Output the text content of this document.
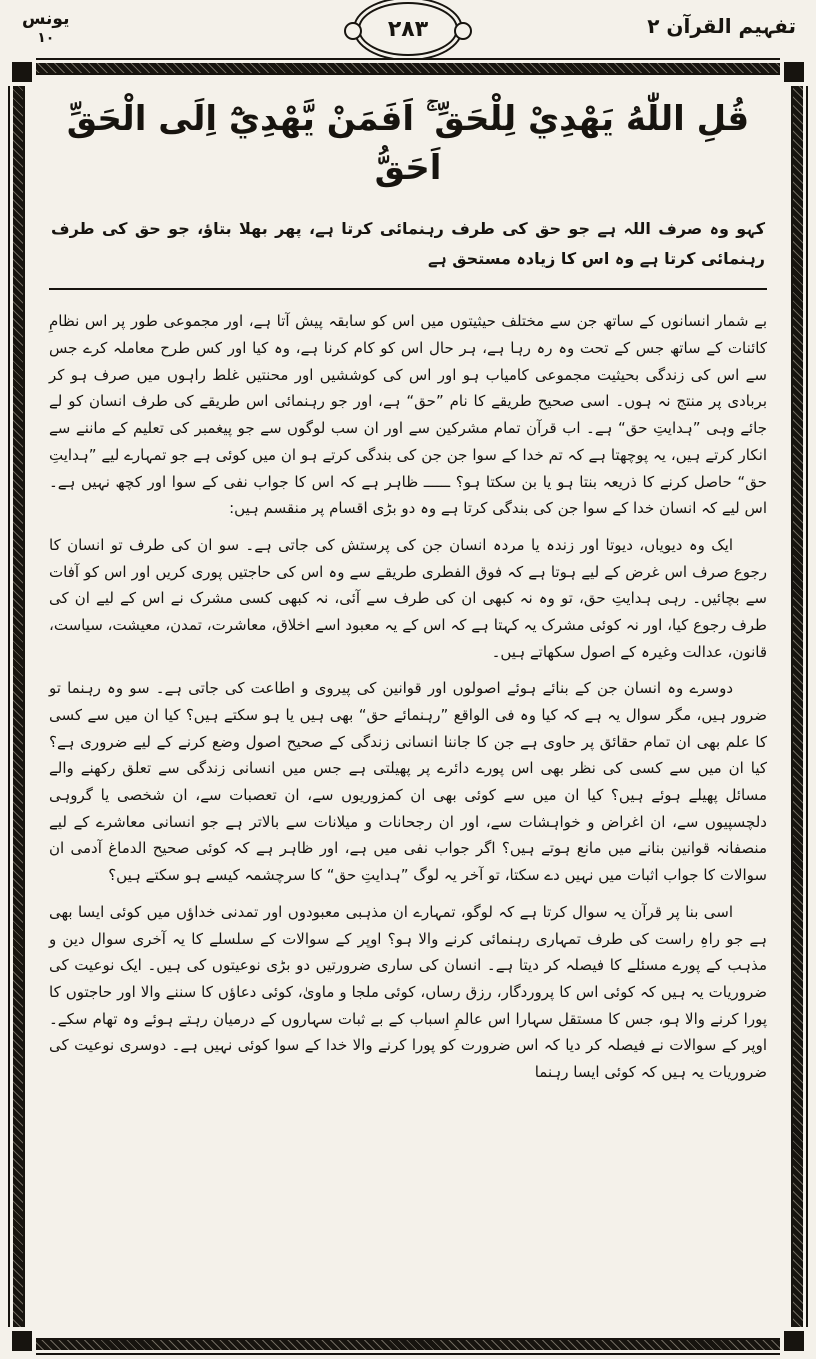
تفہیم القرآن ۲
۲۸۳
یونس
۱۰
قُلِ اللّٰهُ يَهْدِيْ لِلْحَقِّ ۚ اَفَمَنْ يَّهْدِيْٓ اِلَى الْحَقِّ اَحَقُّ
کہو وہ صرف اللہ ہے جو حق کی طرف رہنمائی کرتا ہے، پھر بھلا بتاؤ، جو حق کی طرف رہنمائی کرتا ہے وہ اس کا زیادہ مستحق ہے

بے شمار انسانوں کے ساتھ جن سے مختلف حیثیتوں میں اس کو سابقہ پیش آتا ہے، اور مجموعی طور پر اس نظامِ کائنات کے ساتھ جس کے تحت وہ رہ رہا ہے، ہر حال اس کو کام کرنا ہے، وہ کیا اور کس طرح معاملہ کرے جس سے اس کی زندگی بحیثیت مجموعی کامیاب ہو اور اس کی کوششیں اور محنتیں غلط راہوں میں صرف ہو کر بربادی پر منتج نہ ہوں۔ اسی صحیح طریقے کا نام ”حق“ ہے، اور جو رہنمائی اس طریقے کی طرف انسان کو لے جائے وہی ”ہدایتِ حق“ ہے۔ اب قرآن تمام مشرکین سے اور ان سب لوگوں سے جو پیغمبر کی تعلیم کے ماننے سے انکار کرتے ہیں، یہ پوچھتا ہے کہ تم خدا کے سوا جن جن کی بندگی کرتے ہو ان میں کوئی ہے جو تمہارے لیے ”ہدایتِ حق“ حاصل کرنے کا ذریعہ بنتا ہو یا بن سکتا ہو؟ ــــــ ظاہر ہے کہ اس کا جواب نفی کے سوا اور کچھ نہیں ہے۔ اس لیے کہ انسان خدا کے سوا جن کی بندگی کرتا ہے وہ دو بڑی اقسام پر منقسم ہیں:

ایک وہ دیویاں، دیوتا اور زندہ یا مردہ انسان جن کی پرستش کی جاتی ہے۔ سو ان کی طرف تو انسان کا رجوع صرف اس غرض کے لیے ہوتا ہے کہ فوق الفطری طریقے سے وہ اس کی حاجتیں پوری کریں اور اس کو آفات سے بچائیں۔ رہی ہدایتِ حق، تو وہ نہ کبھی ان کی طرف سے آئی، نہ کبھی کسی مشرک نے اس کے لیے ان کی طرف رجوع کیا، اور نہ کوئی مشرک یہ کہتا ہے کہ اس کے یہ معبود اسے اخلاق، معاشرت، تمدن، معیشت، سیاست، قانون، عدالت وغیرہ کے اصول سکھاتے ہیں۔

دوسرے وہ انسان جن کے بنائے ہوئے اصولوں اور قوانین کی پیروی و اطاعت کی جاتی ہے۔ سو وہ رہنما تو ضرور ہیں، مگر سوال یہ ہے کہ کیا وہ فی الواقع ”رہنمائے حق“ بھی ہیں یا ہو سکتے ہیں؟ کیا ان میں سے کسی کا علم بھی ان تمام حقائق پر حاوی ہے جن کا جاننا انسانی زندگی کے صحیح اصول وضع کرنے کے لیے ضروری ہے؟ کیا ان میں سے کسی کی نظر بھی اس پورے دائرے پر پھیلتی ہے جس میں انسانی زندگی سے تعلق رکھنے والے مسائل پھیلے ہوئے ہیں؟ کیا ان میں سے کوئی بھی ان کمزوریوں سے، ان تعصبات سے، ان شخصی یا گروہی دلچسپیوں سے، ان اغراض و خواہشات سے، اور ان رجحانات و میلانات سے بالاتر ہے جو انسانی معاشرے کے لیے منصفانہ قوانین بنانے میں مانع ہوتے ہیں؟ اگر جواب نفی میں ہے، اور ظاہر ہے کہ کوئی صحیح الدماغ آدمی ان سوالات کا جواب اثبات میں نہیں دے سکتا، تو آخر یہ لوگ ”ہدایتِ حق“ کا سرچشمہ کیسے ہو سکتے ہیں؟

اسی بنا پر قرآن یہ سوال کرتا ہے کہ لوگو، تمہارے ان مذہبی معبودوں اور تمدنی خداؤں میں کوئی ایسا بھی ہے جو راہِ راست کی طرف تمہاری رہنمائی کرنے والا ہو؟ اوپر کے سوالات کے سلسلے کا یہ آخری سوال دین و مذہب کے پورے مسئلے کا فیصلہ کر دیتا ہے۔ انسان کی ساری ضرورتیں دو بڑی نوعیتوں کی ہیں۔ ایک نوعیت کی ضروریات یہ ہیں کہ کوئی اس کا پروردگار، رزق رساں، کوئی ملجا و ماویٰ، کوئی دعاؤں کا سننے والا اور حاجتوں کا پورا کرنے والا ہو، جس کا مستقل سہارا اس عالمِ اسباب کے بے ثبات سہاروں کے درمیان رہتے ہوئے وہ تھام سکے۔ اوپر کے سوالات نے فیصلہ کر دیا کہ اس ضرورت کو پورا کرنے والا خدا کے سوا کوئی نہیں ہے۔ دوسری نوعیت کی ضروریات یہ ہیں کہ کوئی ایسا رہنما
